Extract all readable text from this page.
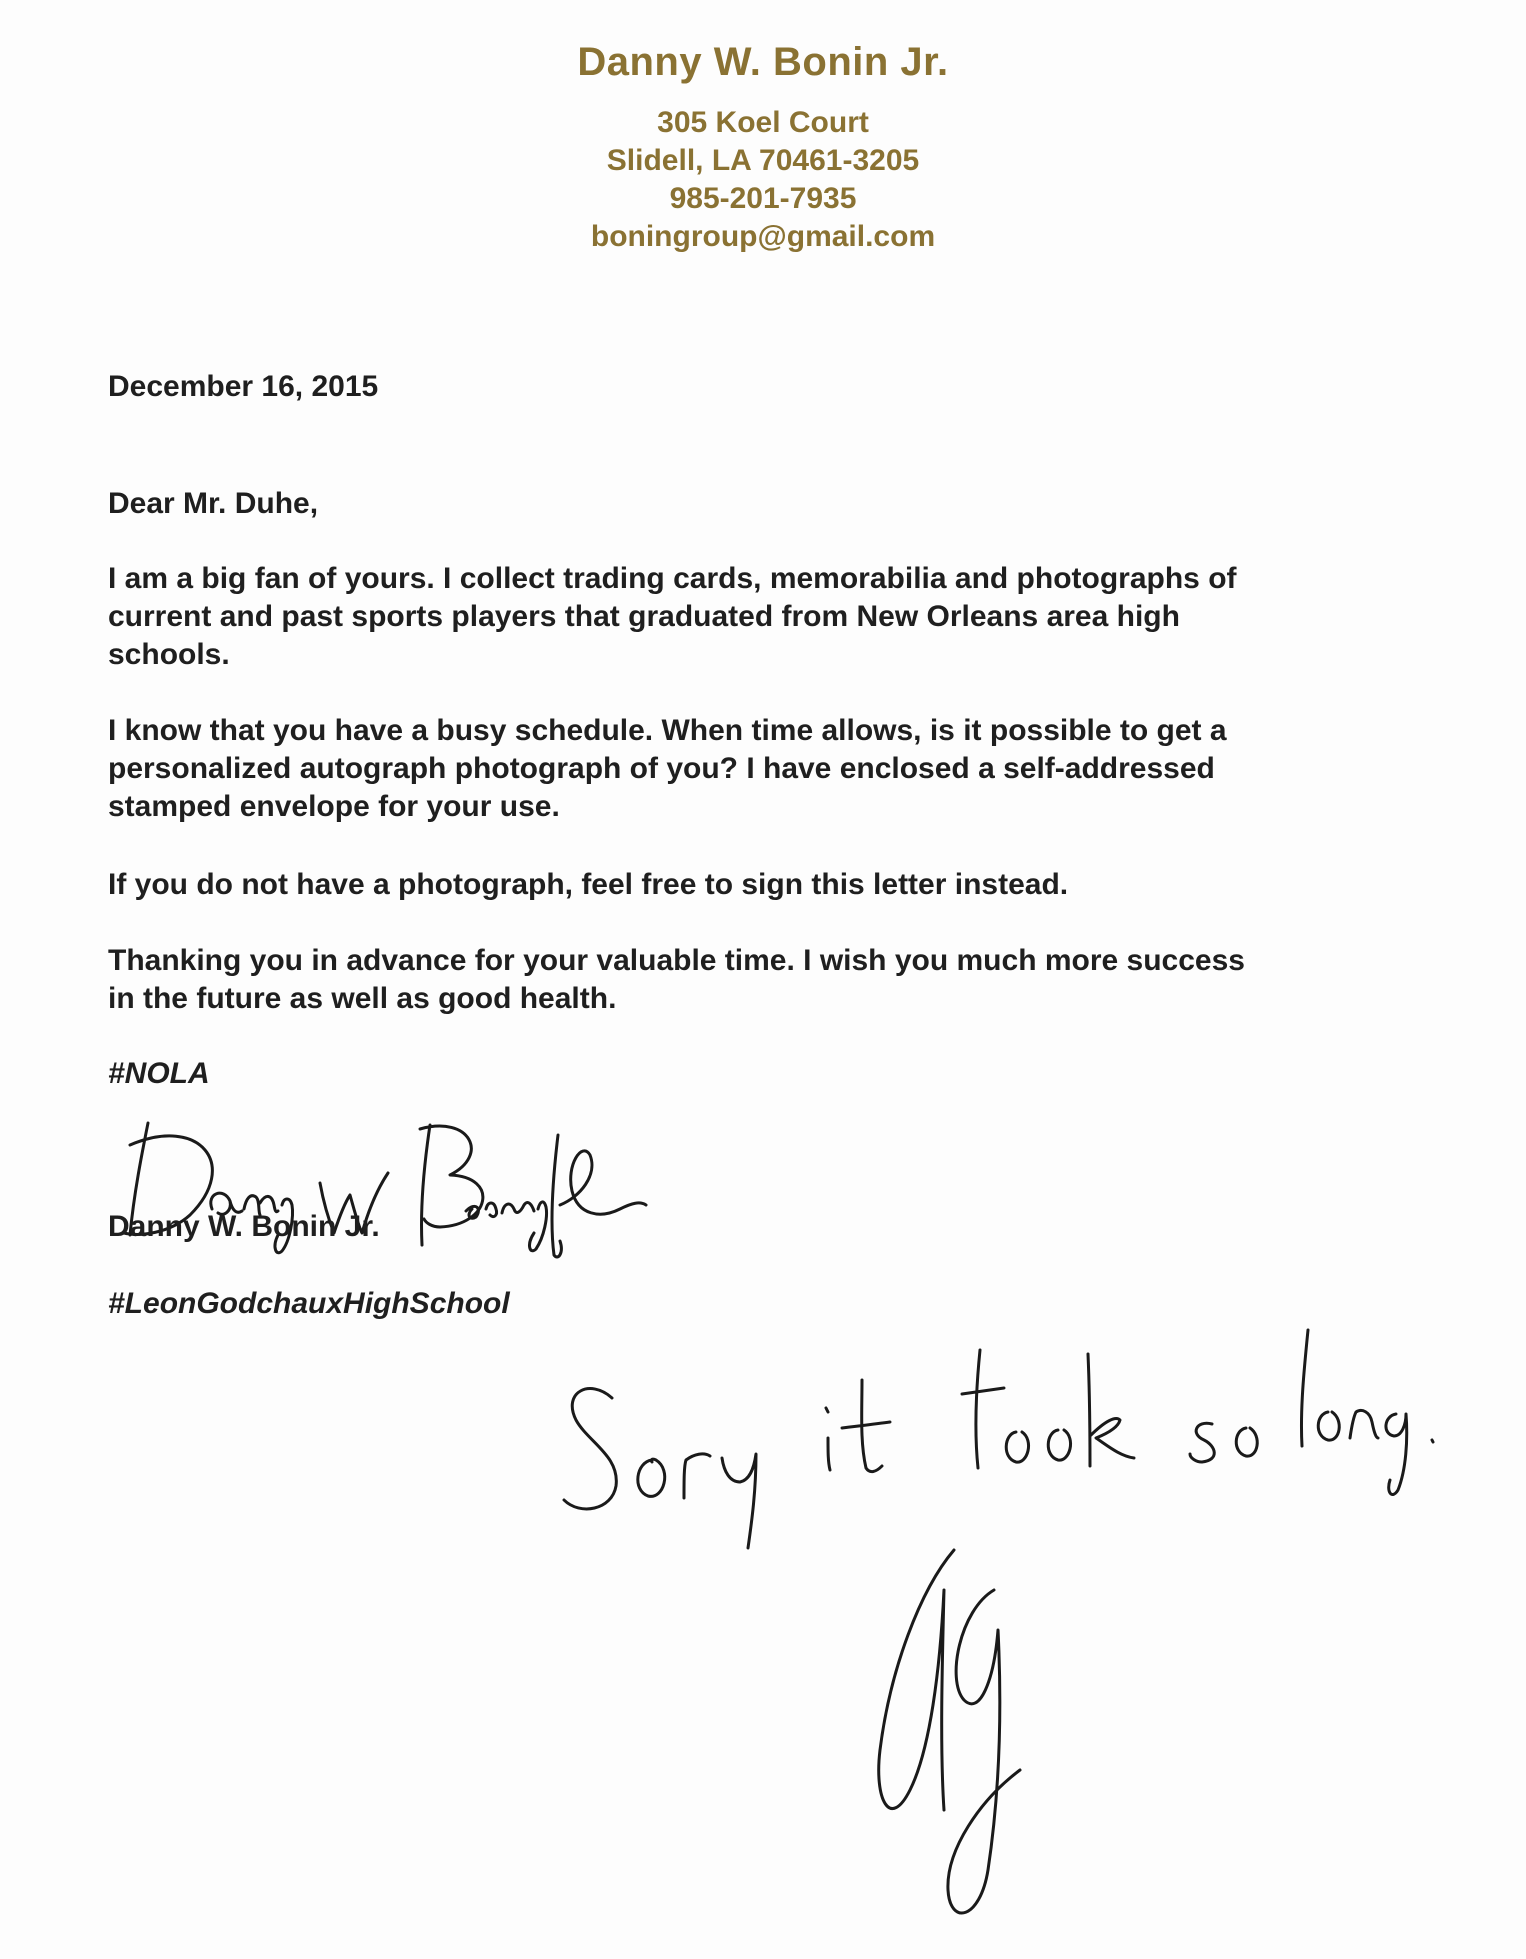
Danny W. Bonin Jr.
305 Koel Court
Slidell, LA 70461-3205
985-201-7935
boningroup@gmail.com
December 16, 2015
Dear Mr. Duhe,
I am a big fan of yours. I collect trading cards, memorabilia and photographs of
current and past sports players that graduated from New Orleans area high
schools.
I know that you have a busy schedule. When time allows, is it possible to get a
personalized autograph photograph of you? I have enclosed a self-addressed
stamped envelope for your use.
If you do not have a photograph, feel free to sign this letter instead.
Thanking you in advance for your valuable time. I wish you much more success
in the future as well as good health.
#NOLA
Danny W. Bonin Jr.
#LeonGodchauxHighSchool
